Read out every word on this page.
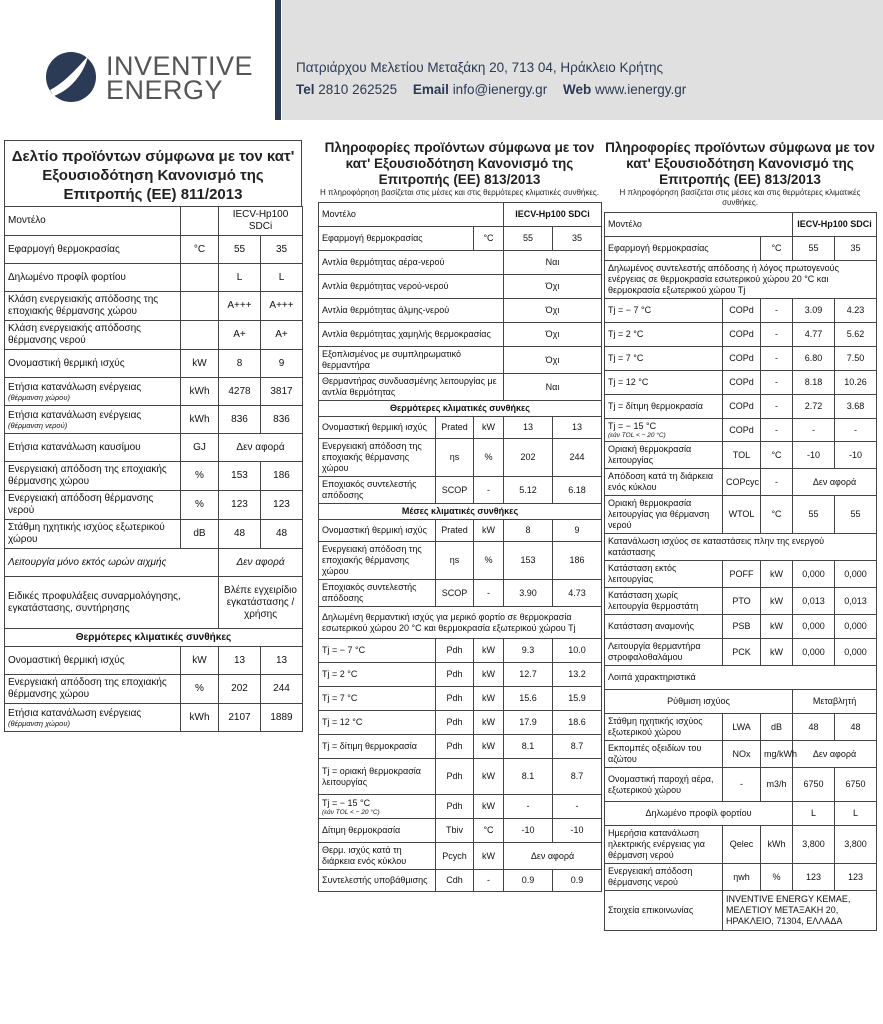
INVENTIVE
ENERGY
Πατριάρχου Μελετίου Μεταξάκη 20, 713 04, Ηράκλειο Κρήτης
Tel 2810 262525 Email info@ienergy.gr Web www.ienergy.gr
Δελτίο προϊόντων σύμφωνα με τον κατ' Εξουσιοδότηση Κανονισμό της Επιτροπής (ΕΕ) 811/2013
Μοντέλο		IECV-Hp100 SDCi	
Εφαρμογή θερμοκρασίας	°C	55	35
Δηλωμένο προφίλ φορτίου		L	L
Κλάση ενεργειακής απόδοσης της εποχιακής θέρμανσης χώρου		A+++	A+++
Κλάση ενεργειακής απόδοσης θέρμανσης νερού		A+	A+
Ονομαστική θερμική ισχύς	kW	8	9
Ετήσια κατανάλωση ενέργειας
(θέρμανση χώρου)	kWh	4278	3817
Ετήσια κατανάλωση ενέργειας
(θέρμανση νερού)	kWh	836	836
Ετήσια κατανάλωση καυσίμου	GJ	Δεν αφορά	
Ενεργειακή απόδοση της εποχιακής θέρμανσης χώρου	%	153	186
Ενεργειακή απόδοση θέρμανσης νερού	%	123	123
Στάθμη ηχητικής ισχύος εξωτερικού χώρου	dB	48	48
Λειτουργία μόνο εκτός ωρών αιχμής		Δεν αφορά	
Ειδικές προφυλάξεις συναρμολόγησης, εγκατάστασης, συντήρησης		Βλέπε εγχειρίδιο εγκατάστασης / χρήσης	
Θερμότερες κλιματικές συνθήκες			
Ονομαστική θερμική ισχύς	kW	13	13
Ενεργειακή απόδοση της εποχιακής θέρμανσης χώρου	%	202	244
Ετήσια κατανάλωση ενέργειας
(θέρμανση χώρου)	kWh	2107	1889
Πληροφορίες προϊόντων σύμφωνα με τον κατ' Εξουσιοδότηση Κανονισμό της Επιτροπής (ΕΕ) 813/2013
Η πληροφόρηση βασίζεται στις μέσες και στις θερμότερες κλιματικές συνθήκες.
Μοντέλο			IECV-Hp100 SDCi	
Εφαρμογή θερμοκρασίας		°C	55	35
Αντλία θερμότητας αέρα-νερού			Ναι	
Αντλία θερμότητας νερού-νερού			Όχι	
Αντλία θερμότητας άλμης-νερού			Όχι	
Αντλία θερμότητας χαμηλής θερμοκρασίας			Όχι	
Εξοπλισμένος με συμπληρωματικό θερμαντήρα			Όχι	
Θερμαντήρας συνδυασμένης λειτουργίας με αντλία θερμότητας			Ναι	
Θερμότερες κλιματικές συνθήκες				
Ονομαστική θερμική ισχύς	Prated	kW	13	13
Ενεργειακή απόδοση της εποχιακής θέρμανσης χώρου	ηs	%	202	244
Εποχιακός συντελεστής απόδοσης	SCOP	-	5.12	6.18
Μέσες κλιματικές συνθήκες				
Ονομαστική θερμική ισχύς	Prated	kW	8	9
Ενεργειακή απόδοση της εποχιακής θέρμανσης χώρου	ηs	%	153	186
Εποχιακός συντελεστής απόδοσης	SCOP	-	3.90	4.73
Δηλωμένη θερμαντική ισχύς για μερικό φορτίο σε θερμοκρασία εσωτερικού χώρου 20 °C και θερμοκρασία εξωτερικού χώρου Tj				
Tj = − 7 °C	Pdh	kW	9.3	10.0
Tj = 2 °C	Pdh	kW	12.7	13.2
Tj = 7 °C	Pdh	kW	15.6	15.9
Tj = 12 °C	Pdh	kW	17.9	18.6
Tj = δίτιμη θερμοκρασία	Pdh	kW	8.1	8.7
Tj = οριακή θερμοκρασία λειτουργίας	Pdh	kW	8.1	8.7
Tj = − 15 °C
(εάν TOL < − 20 °C)	Pdh	kW	-	-
Δίτιμη θερμοκρασία	Tbiv	°C	-10	-10
Θερμ. ισχύς κατά τη διάρκεια ενός κύκλου	Pcych	kW	Δεν αφορά	
Συντελεστής υποβάθμισης	Cdh	-	0.9	0.9
Πληροφορίες προϊόντων σύμφωνα με τον κατ' Εξουσιοδότηση Κανονισμό της Επιτροπής (ΕΕ) 813/2013
Η πληροφόρηση βασίζεται στις μέσες και στις θερμότερες κλιματικές συνθήκες.
Μοντέλο			IECV-Hp100 SDCi	
Εφαρμογή θερμοκρασίας		°C	55	35
Δηλωμένος συντελεστής απόδοσης ή λόγος πρωτογενούς ενέργειας σε θερμοκρασία εσωτερικού χώρου 20 °C και θερμοκρασία εξωτερικού χώρου Tj				
Tj = − 7 °C	COPd	-	3.09	4.23
Tj = 2 °C	COPd	-	4.77	5.62
Tj = 7 °C	COPd	-	6.80	7.50
Tj = 12 °C	COPd	-	8.18	10.26
Tj = δίτιμη θερμοκρασία	COPd	-	2.72	3.68
Tj = − 15 °C
(εάν TOL < − 20 °C)	COPd	-	-	-
Οριακή θερμοκρασία λειτουργίας	TOL	°C	-10	-10
Απόδοση κατά τη διάρκεια ενός κύκλου	COPcyc	-	Δεν αφορά	
Οριακή θερμοκρασία λειτουργίας για θέρμανση νερού	WTOL	°C	55	55
Κατανάλωση ισχύος σε καταστάσεις πλην της ενεργού κατάστασης				
Κατάσταση εκτός λειτουργίας	POFF	kW	0,000	0,000
Κατάσταση χωρίς λειτουργία θερμοστάτη	PTO	kW	0,013	0,013
Κατάσταση αναμονής	PSB	kW	0,000	0,000
Λειτουργία θερμαντήρα στροφαλοθαλάμου	PCK	kW	0,000	0,000
Λοιπά χαρακτηριστικά				
Ρύθμιση ισχύος			Μεταβλητή	
Στάθμη ηχητικής ισχύος εξωτερικού χώρου	LWA	dB	48	48
Εκπομπές οξειδίων του αζώτου	NOx	mg/kWh	Δεν αφορά	
Ονομαστική παροχή αέρα, εξωτερικού χώρου	-	m3/h	6750	6750
Δηλωμένο προφίλ φορτίου			L	L
Ημερήσια κατανάλωση ηλεκτρικής ενέργειας για θέρμανση νερού	Qelec	kWh	3,800	3,800
Ενεργειακή απόδοση θέρμανσης νερού	ηwh	%	123	123
Στοιχεία επικοινωνίας	INVENTIVE ENERGY ΚΕΜΑΕ, ΜΕΛΕΤΙΟΥ ΜΕΤΑΞΑΚΗ 20, ΗΡΑΚΛΕΙΟ, 71304, ΕΛΛΑΔΑ			
